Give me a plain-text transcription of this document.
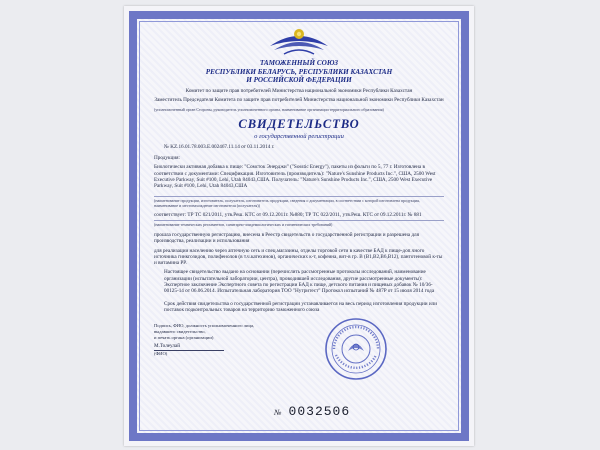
ТАМОЖЕННЫЙ СОЮЗ
РЕСПУБЛИКИ БЕЛАРУСЬ, РЕСПУБЛИКИ КАЗАХСТАН
И РОССИЙСКОЙ ФЕДЕРАЦИИ
Комитет по защите прав потребителей Министерства национальной экономики Республики Казахстан
Заместитель Председателя Комитета по защите прав потребителей Министерства национальной экономики Республики Казахстан
(уполномоченный орган Стороны, руководитель уполномоченного органа, наименование организации территориального образования)
СВИДЕТЕЛЬСТВО
о государственной регистрации
№ KZ.16.01.78.003.E.002467.11.14 от 03.11.2014 г.
Продукция:
Биологически активная добавка к пище: "Сомсток Энерджи" ("Sosstic Energy"), пакеты из фольги по 5, 77 г. Изготовлена в соответствии с документами: Спецификация. Изготовитель (производитель): "Nature's Sunshine Products Inc.", США, 2500 West Executive Parkway, Suit #100, Lehi, Utah 84043,США. Получатель: "Nature's Sunshine Products Inc.", США, 2500 West Executive Parkway, Suit #100, Lehi, Utah 84043,США
(наименование продукции, изготовитель, получатель, изготовитель продукции, сведения о документации, в соответствии с которой изготовлена продукция, наименование и местонахождение изготовителя (получателя))
соответствует: ТР ТС 021/2011, утв.Реш. КТС от 09.12.2011г. №880; ТР ТС 022/2011, утв.Реш. КТС от 09.12.2011г. № 881
(наименование технических регламентов, санитарно-эпидемиологических и гигиенических требований)
прошла государственную регистрацию, внесена в Реестр свидетельств о государственной регистрации и разрешена для производства, реализации и использования
для реализации населению через аптечную сеть и спец.магазины, отделы торговой сети в качестве БАД к пище-доп.чного источника гинкгозидов, полифенолов (в т.ч.катехинов), органических к-т, кофеина, вит-в гр. В (B1,B2,B6,B12), пантотеновой к-ты и витамина PP.
Настоящее свидетельство выдано на основании (перечислить рассмотренные протоколы исследований, наименование организации (испытательной лаборатории, центра), проводившей исследования, другие рассмотренные документы): Экспертное заключение Экспертного совета по регистрации БАД к пище, детского питания и пищевых добавок № 10/36-00125-14 от 06.06.2014. Испытательная лаборатория ТОО "Нутритест" Протокол испытаний № 487P от 15 июля 2014 года
Срок действия свидетельства о государственной регистрации устанавливается на весь период изготовления продукции или поставок подконтрольных товаров на территорию таможенного союза
Подпись, ФИО, должность уполномоченного лица, выдавшего свидетельство,
и печать органа (организации)
М.Толеулай
(ФИО)
№ 0032506
